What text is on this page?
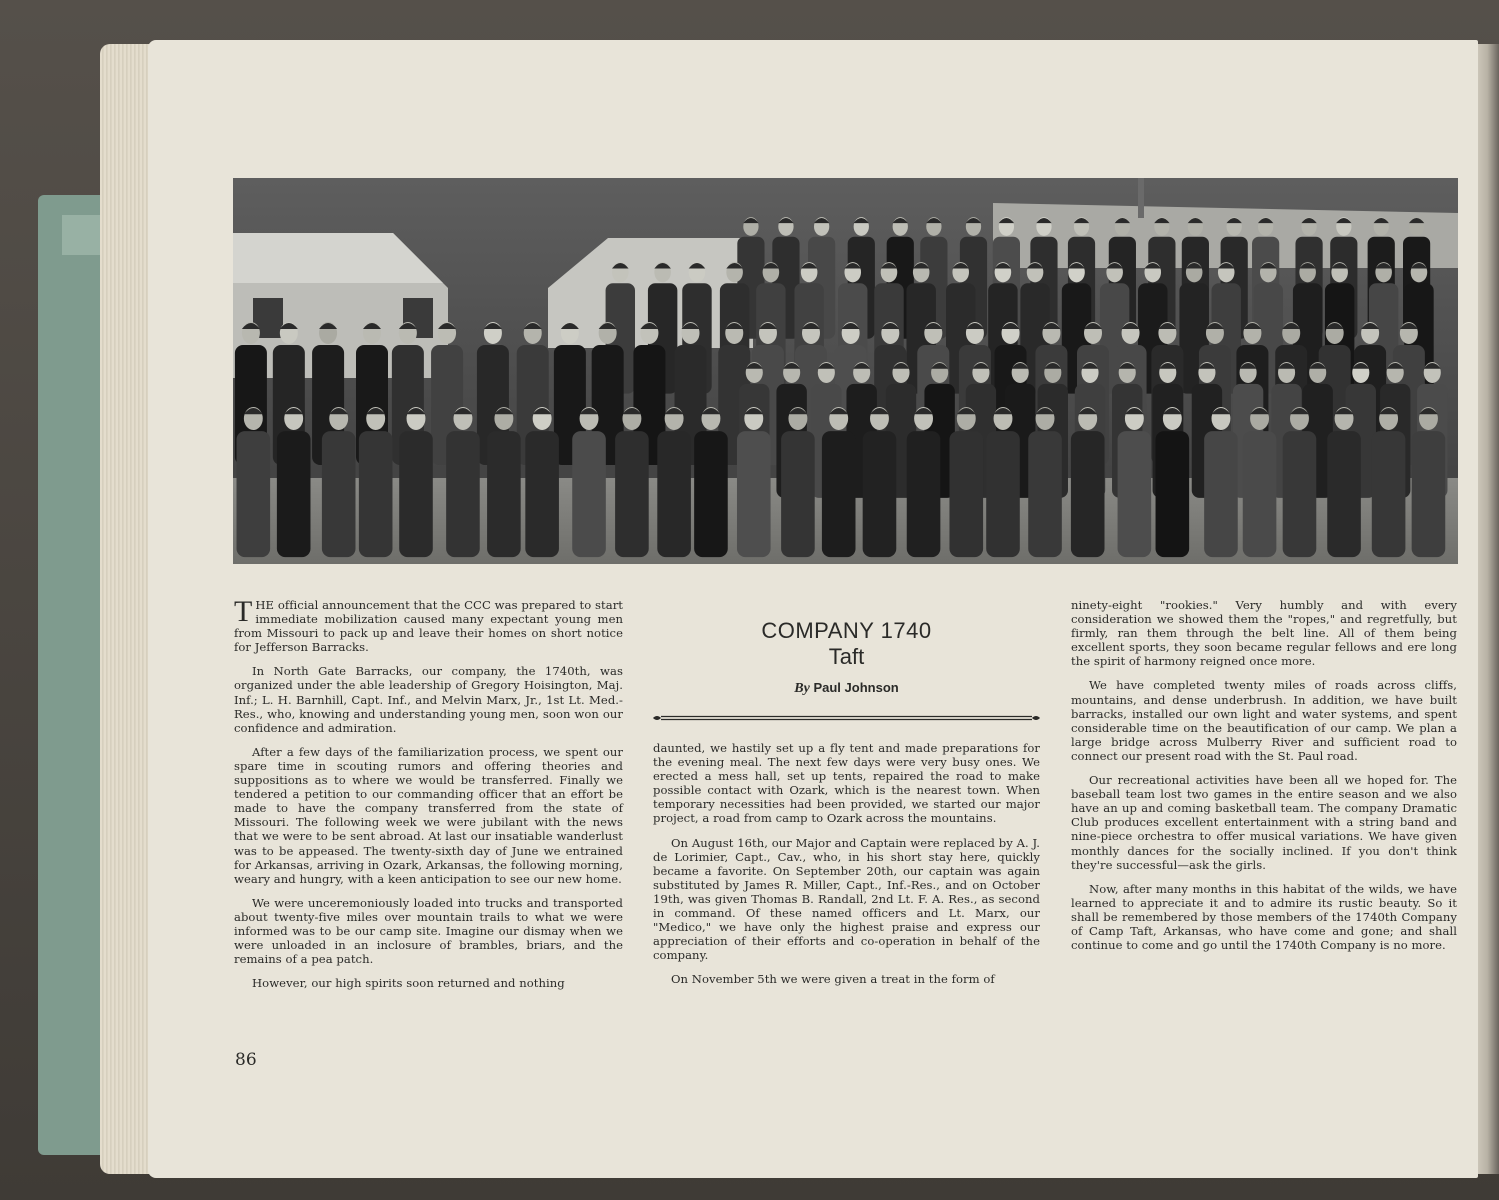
THE official announcement that the CCC was prepared to start immediate mobilization caused many expectant young men from Missouri to pack up and leave their homes on short notice for Jefferson Barracks.

In North Gate Barracks, our company, the 1740th, was organized under the able leadership of Gregory Hoisington, Maj. Inf.; L. H. Barnhill, Capt. Inf., and Melvin Marx, Jr., 1st Lt. Med.-Res., who, knowing and understanding young men, soon won our confidence and admiration.

After a few days of the familiarization process, we spent our spare time in scouting rumors and offering theories and suppositions as to where we would be transferred. Finally we tendered a petition to our commanding officer that an effort be made to have the company transferred from the state of Missouri. The following week we were jubilant with the news that we were to be sent abroad. At last our insatiable wanderlust was to be appeased. The twenty-sixth day of June we entrained for Arkansas, arriving in Ozark, Arkansas, the following morning, weary and hungry, with a keen anticipation to see our new home.

We were unceremoniously loaded into trucks and transported about twenty-five miles over mountain trails to what we were informed was to be our camp site. Imagine our dismay when we were unloaded in an inclosure of brambles, briars, and the remains of a pea patch.

However, our high spirits soon returned and nothing

COMPANY 1740
Taft
By Paul Johnson

daunted, we hastily set up a fly tent and made preparations for the evening meal. The next few days were very busy ones. We erected a mess hall, set up tents, repaired the road to make possible contact with Ozark, which is the nearest town. When temporary necessities had been provided, we started our major project, a road from camp to Ozark across the mountains.

On August 16th, our Major and Captain were replaced by A. J. de Lorimier, Capt., Cav., who, in his short stay here, quickly became a favorite. On September 20th, our captain was again substituted by James R. Miller, Capt., Inf.-Res., and on October 19th, was given Thomas B. Randall, 2nd Lt. F. A. Res., as second in command. Of these named officers and Lt. Marx, our "Medico," we have only the highest praise and express our appreciation of their efforts and co-operation in behalf of the company.

On November 5th we were given a treat in the form of

ninety-eight "rookies." Very humbly and with every consideration we showed them the "ropes," and regretfully, but firmly, ran them through the belt line. All of them being excellent sports, they soon became regular fellows and ere long the spirit of harmony reigned once more.

We have completed twenty miles of roads across cliffs, mountains, and dense underbrush. In addition, we have built barracks, installed our own light and water systems, and spent considerable time on the beautification of our camp. We plan a large bridge across Mulberry River and sufficient road to connect our present road with the St. Paul road.

Our recreational activities have been all we hoped for. The baseball team lost two games in the entire season and we also have an up and coming basketball team. The company Dramatic Club produces excellent entertainment with a string band and nine-piece orchestra to offer musical variations. We have given monthly dances for the socially inclined. If you don't think they're successful—ask the girls.

Now, after many months in this habitat of the wilds, we have learned to appreciate it and to admire its rustic beauty. So it shall be remembered by those members of the 1740th Company of Camp Taft, Arkansas, who have come and gone; and shall continue to come and go until the 1740th Company is no more.

86
